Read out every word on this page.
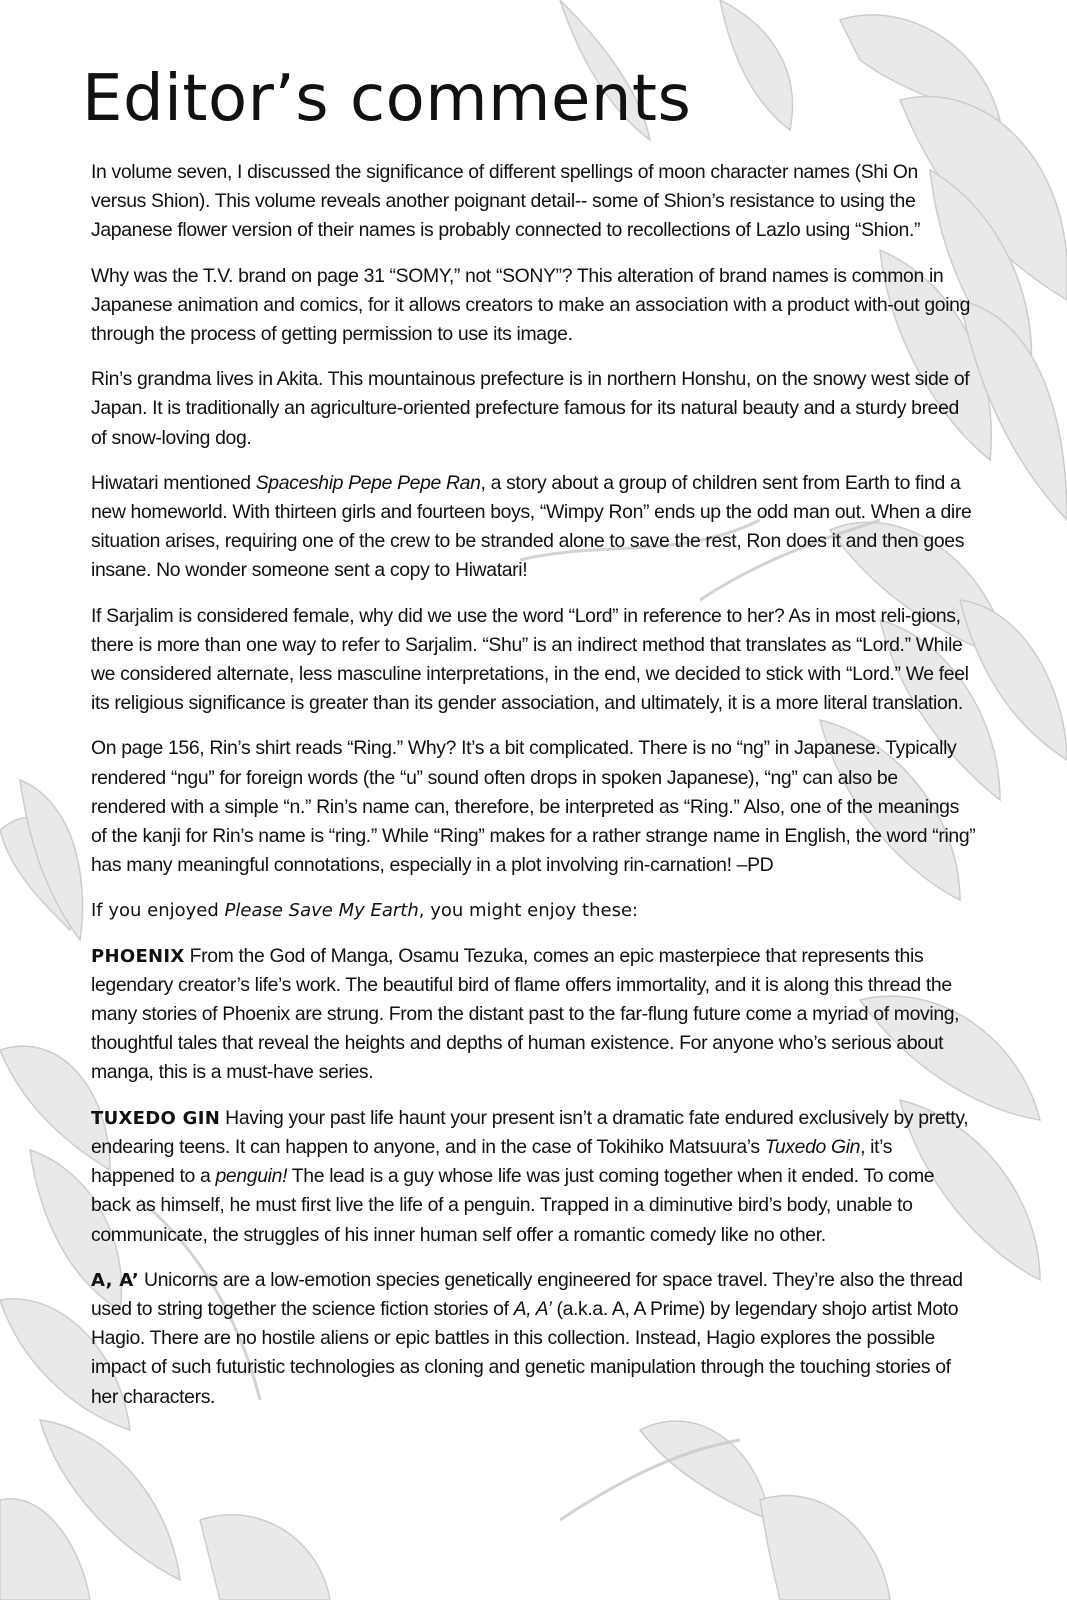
Editor’s comments

In volume seven, I discussed the significance of different spellings of moon character names (Shi On versus Shion). This volume reveals another poignant detail-- some of Shion’s resistance to using the Japanese flower version of their names is probably connected to recollections of Lazlo using “Shion.”

Why was the T.V. brand on page 31 “SOMY,” not “SONY”? This alteration of brand names is common in Japanese animation and comics, for it allows creators to make an association with a product with-out going through the process of getting permission to use its image.

Rin’s grandma lives in Akita. This mountainous prefecture is in northern Honshu, on the snowy west side of Japan. It is traditionally an agriculture-oriented prefecture famous for its natural beauty and a sturdy breed of snow-loving dog.

Hiwatari mentioned Spaceship Pepe Pepe Ran, a story about a group of children sent from Earth to find a new homeworld. With thirteen girls and fourteen boys, “Wimpy Ron” ends up the odd man out. When a dire situation arises, requiring one of the crew to be stranded alone to save the rest, Ron does it and then goes insane. No wonder someone sent a copy to Hiwatari!

If Sarjalim is considered female, why did we use the word “Lord” in reference to her? As in most reli-gions, there is more than one way to refer to Sarjalim. “Shu” is an indirect method that translates as “Lord.” While we considered alternate, less masculine interpretations, in the end, we decided to stick with “Lord.” We feel its religious significance is greater than its gender association, and ultimately, it is a more literal translation.

On page 156, Rin’s shirt reads “Ring.” Why? It’s a bit complicated. There is no “ng” in Japanese. Typically rendered “ngu” for foreign words (the “u” sound often drops in spoken Japanese), “ng” can also be rendered with a simple “n.” Rin’s name can, therefore, be interpreted as “Ring.” Also, one of the meanings of the kanji for Rin’s name is “ring.” While “Ring” makes for a rather strange name in English, the word “ring” has many meaningful connotations, especially in a plot involving rin-carnation! –PD

If you enjoyed Please Save My Earth, you might enjoy these:

PHOENIX From the God of Manga, Osamu Tezuka, comes an epic masterpiece that represents this legendary creator’s life’s work. The beautiful bird of flame offers immortality, and it is along this thread the many stories of Phoenix are strung. From the distant past to the far-flung future come a myriad of moving, thoughtful tales that reveal the heights and depths of human existence. For anyone who’s serious about manga, this is a must-have series.

TUXEDO GIN Having your past life haunt your present isn’t a dramatic fate endured exclusively by pretty, endearing teens. It can happen to anyone, and in the case of Tokihiko Matsuura’s Tuxedo Gin, it’s happened to a penguin! The lead is a guy whose life was just coming together when it ended. To come back as himself, he must first live the life of a penguin. Trapped in a diminutive bird’s body, unable to communicate, the struggles of his inner human self offer a romantic comedy like no other.

A, A’ Unicorns are a low-emotion species genetically engineered for space travel. They’re also the thread used to string together the science fiction stories of A, A’ (a.k.a. A, A Prime) by legendary shojo artist Moto Hagio. There are no hostile aliens or epic battles in this collection. Instead, Hagio explores the possible impact of such futuristic technologies as cloning and genetic manipulation through the touching stories of her characters.
